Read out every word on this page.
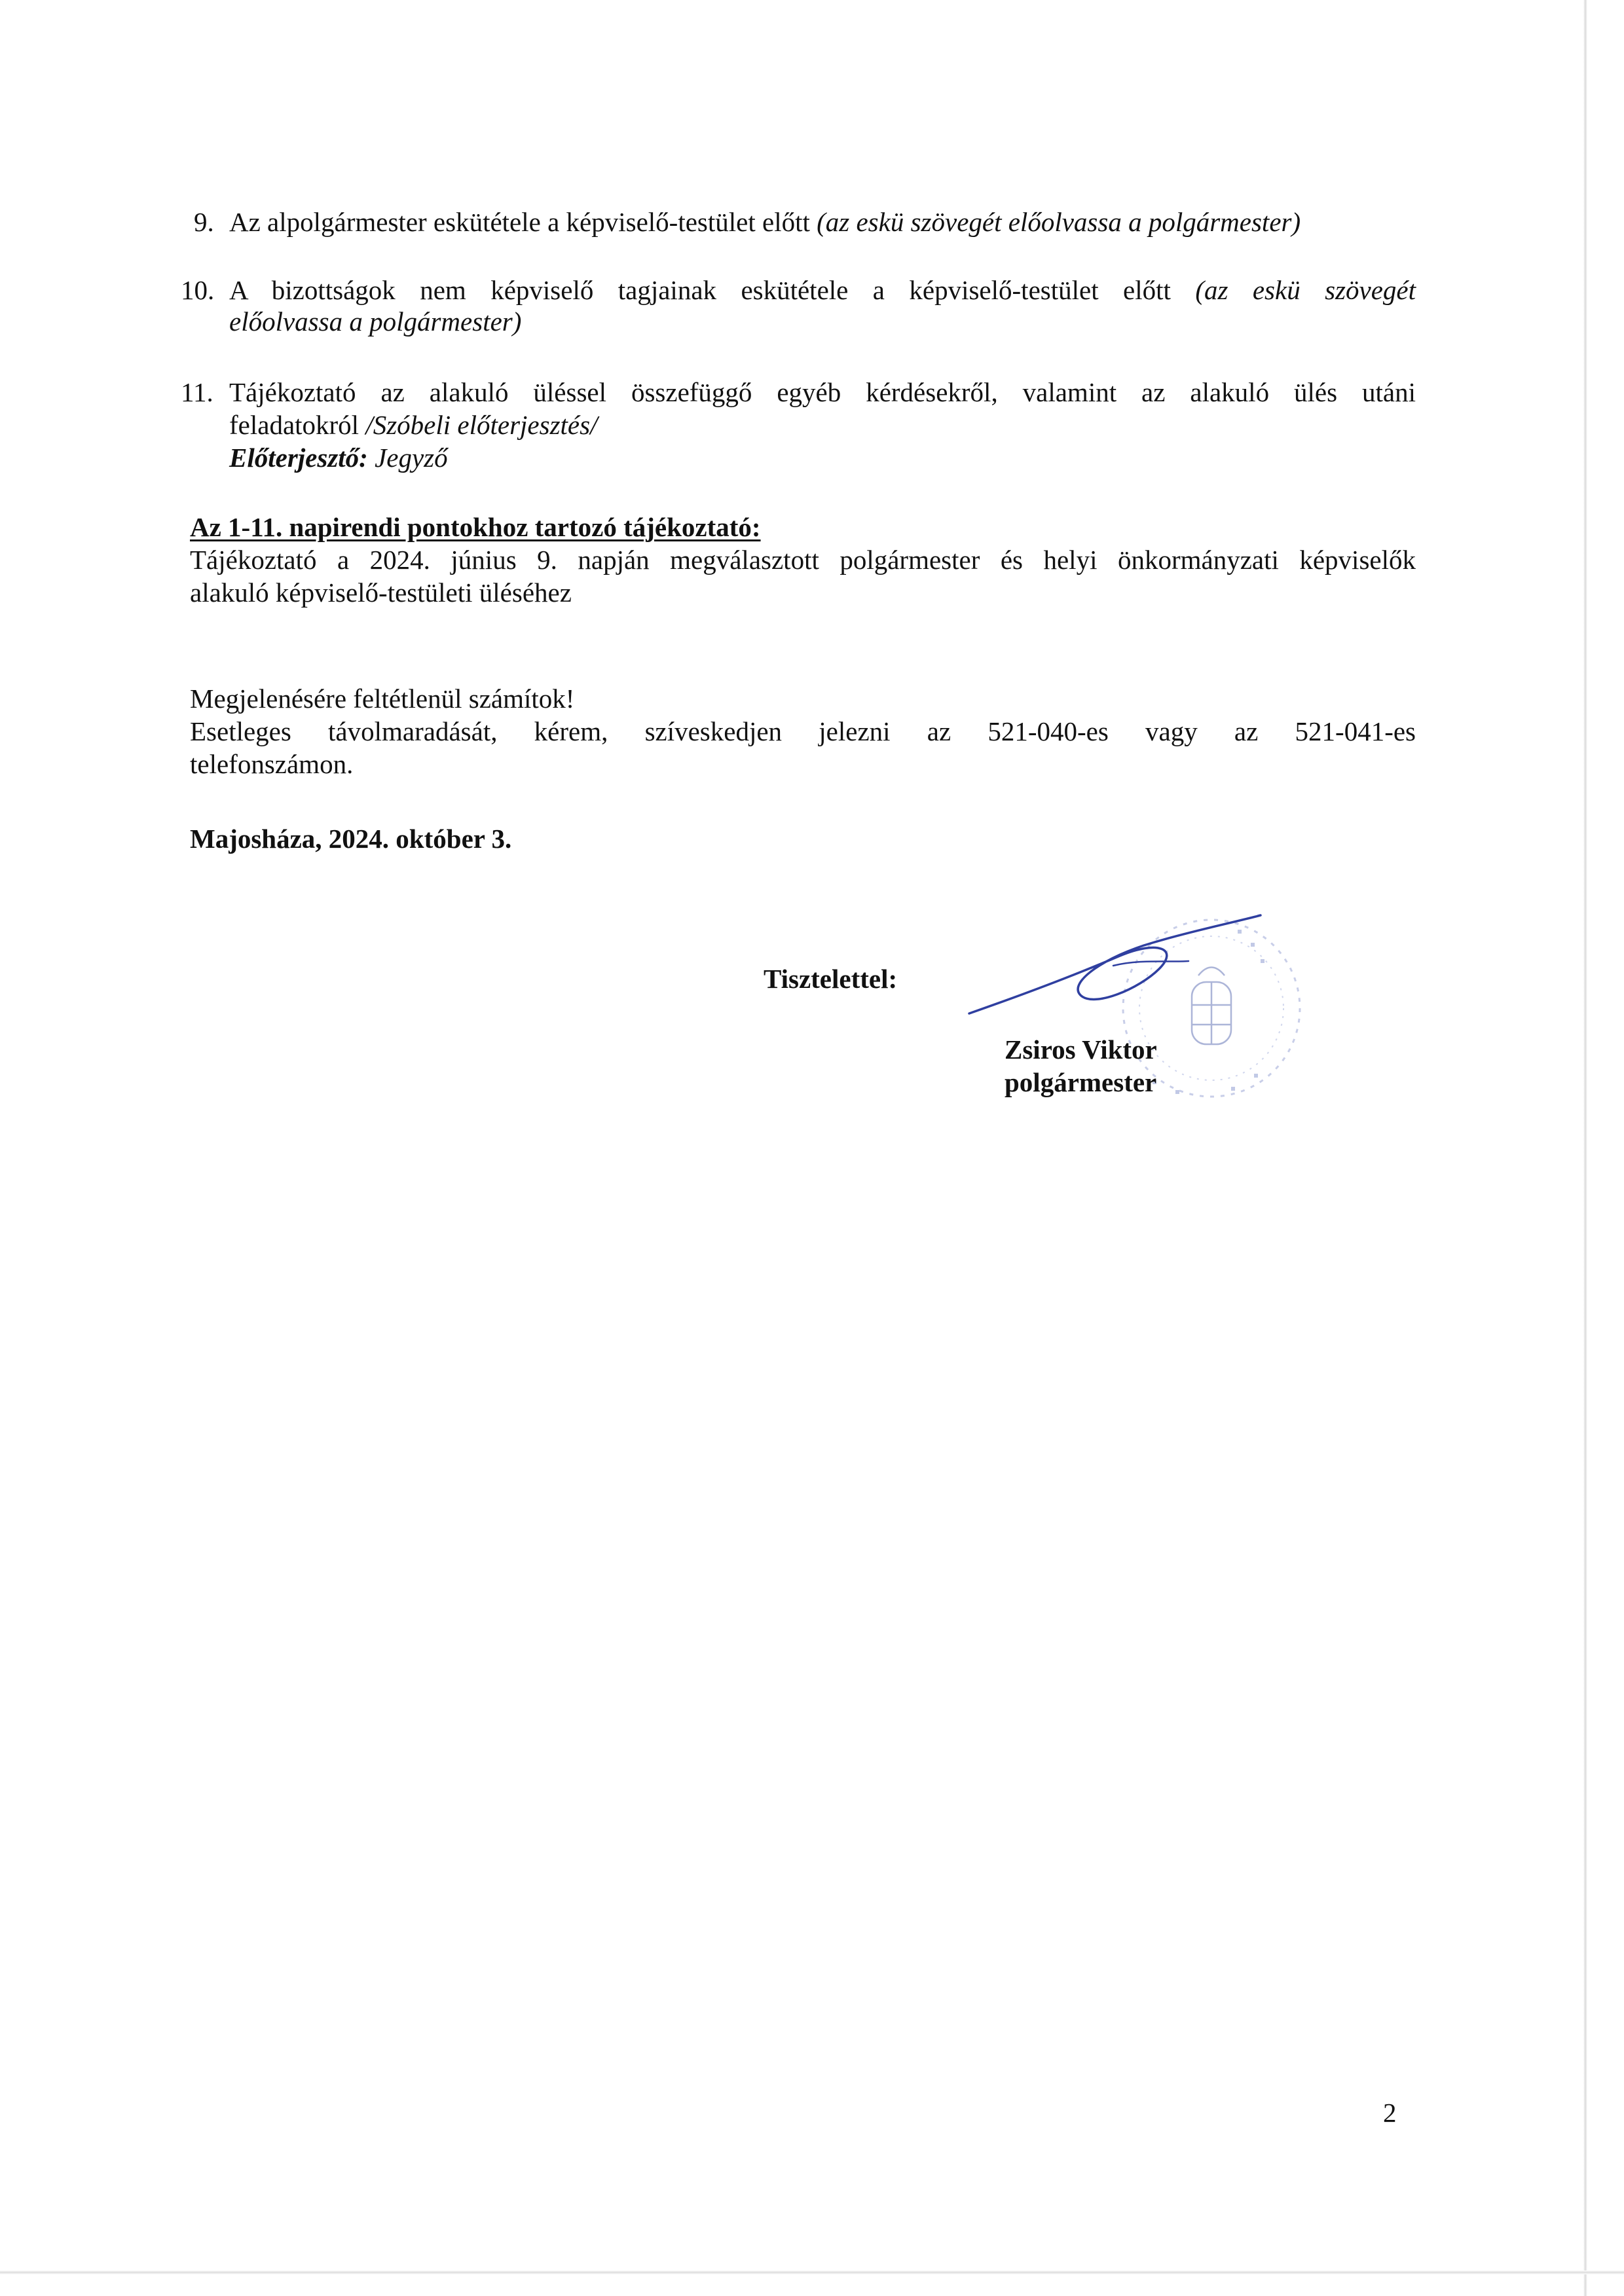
9. Az alpolgármester eskütétele a képviselő-testület előtt (az eskü szövegét előolvassa a polgármester)
10. A bizottságok nem képviselő tagjainak eskütétele a képviselő-testület előtt (az eskü szövegét
előolvassa a polgármester)
11. Tájékoztató az alakuló üléssel összefüggő egyéb kérdésekről, valamint az alakuló ülés utáni
feladatokról /Szóbeli előterjesztés/
Előterjesztő: Jegyző
Az 1-11. napirendi pontokhoz tartozó tájékoztató:
Tájékoztató a 2024. június 9. napján megválasztott polgármester és helyi önkormányzati képviselők
alakuló képviselő-testületi üléséhez
Megjelenésére feltétlenül számítok!
Esetleges távolmaradását, kérem, szíveskedjen jelezni az 521-040-es vagy az 521-041-es
telefonszámon.
Majosháza, 2024. október 3.
Tisztelettel:
Zsiros Viktor
polgármester
2
